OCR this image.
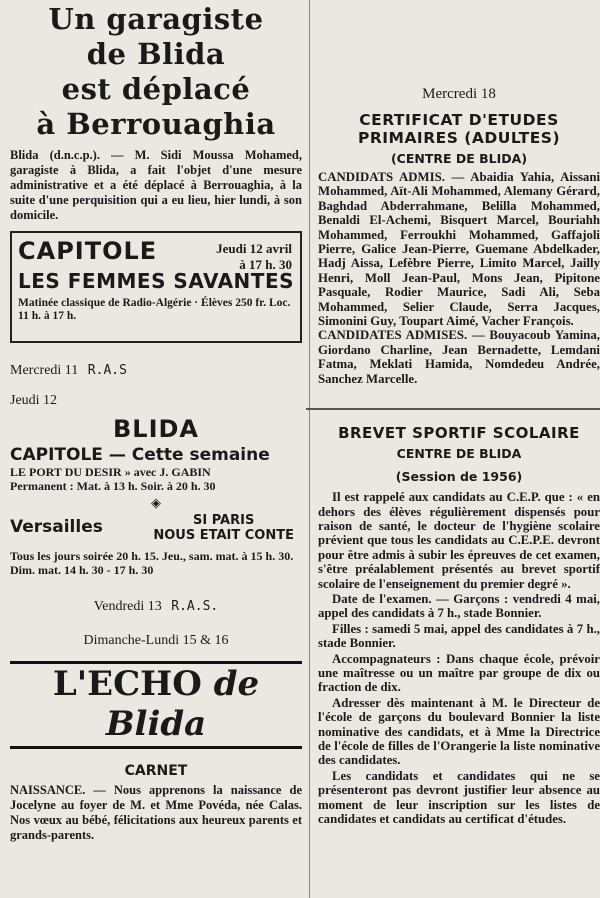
Un garagiste
de Blida
est déplacé
à Berrouaghia
Blida (d.n.c.p.). — M. Sidi Moussa Mohamed, garagiste à Blida, a fait l'objet d'une mesure administrative et a été déplacé à Berrouaghia, à la suite d'une perquisition qui a eu lieu, hier lundi, à son domicile.
CAPITOLE	Jeudi 12 avril
à 17 h. 30
LES FEMMES SAVANTES
Matinée classique de Radio-Algérie · Élèves 250 fr. Loc. 11 h. à 17 h.
Mercredi 11 R.A.S
Jeudi 12
BLIDA
CAPITOLE — Cette semaine
LE PORT DU DESIR » avec J. GABIN
Permanent : Mat. à 13 h. Soir. à 20 h. 30
◈
Versailles	SI PARIS
NOUS ETAIT CONTE
Tous les jours soirée 20 h. 15. Jeu., sam. mat. à 15 h. 30. Dim. mat. 14 h. 30 - 17 h. 30
Vendredi 13 R.A.S.
Dimanche-Lundi 15 & 16
L'ECHO de Blida
CARNET
NAISSANCE. — Nous apprenons la naissance de Jocelyne au foyer de M. et Mme Povéda, née Calas. Nos vœux au bébé, félicitations aux heureux parents et grands-parents.
Mercredi 18
CERTIFICAT D'ETUDES
PRIMAIRES (ADULTES)
(CENTRE DE BLIDA)
CANDIDATS ADMIS. — Abaidia Yahia, Aissani Mohammed, Aït-Ali Mohammed, Alemany Gérard, Baghdad Abderrahmane, Belilla Mohammed, Benaldi El-Achemi, Bisquert Marcel, Bouriahh Mohammed, Ferroukhi Mohammed, Gaffajoli Pierre, Galice Jean-Pierre, Guemane Abdelkader, Hadj Aissa, Lefèbre Pierre, Limito Marcel, Jailly Henri, Moll Jean-Paul, Mons Jean, Pipitone Pasquale, Rodier Maurice, Sadi Ali, Seba Mohammed, Selier Claude, Serra Jacques, Simonini Guy, Toupart Aimé, Vacher François.
CANDIDATES ADMISES. — Bouyacoub Yamina, Giordano Charline, Jean Bernadette, Lemdani Fatma, Meklati Hamida, Nomdedeu Andrée, Sanchez Marcelle.
BREVET SPORTIF SCOLAIRE
CENTRE DE BLIDA
(Session de 1956)
Il est rappelé aux candidats au C.E.P. que : « en dehors des élèves régulièrement dispensés pour raison de santé, le docteur de l'hygiène scolaire prévient que tous les candidats au C.E.P.E. devront pour être admis à subir les épreuves de cet examen, s'être préalablement présentés au brevet sportif scolaire de l'enseignement du premier degré ».
Date de l'examen. — Garçons : vendredi 4 mai, appel des candidats à 7 h., stade Bonnier.
Filles : samedi 5 mai, appel des candidates à 7 h., stade Bonnier.
Accompagnateurs : Dans chaque école, prévoir une maîtresse ou un maître par groupe de dix ou fraction de dix.
Adresser dès maintenant à M. le Directeur de l'école de garçons du boulevard Bonnier la liste nominative des candidats, et à Mme la Directrice de l'école de filles de l'Orangerie la liste nominative des candidates.
Les candidats et candidates qui ne se présenteront pas devront justifier leur absence au moment de leur inscription sur les listes de candidates et candidats au certificat d'études.
